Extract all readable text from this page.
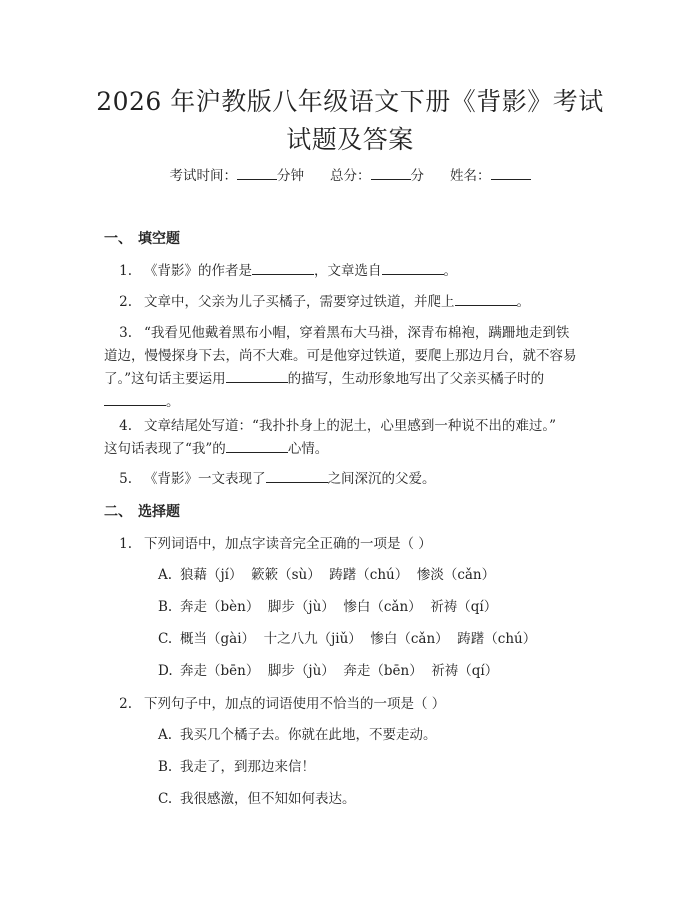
2026 年沪教版八年级语文下册《背影》考试
试题及答案
考试时间：	分钟 总分：	分 姓名：
一、 填空题
1. 《背影》的作者是	，文章选自	。
2. 文章中，父亲为儿子买橘子，需要穿过铁道，并爬上	。
3. “我看见他戴着黑布小帽，穿着黑布大马褂，深青布棉袍，蹒跚地走到铁
道边，慢慢探身下去，尚不大难。可是他穿过铁道，要爬上那边月台，就不容易
了。”这句话主要运用	的描写，生动形象地写出了父亲买橘子时的
。
4. 文章结尾处写道：“我扑扑身上的泥土，心里感到一种说不出的难过。”
这句话表现了“我”的	心情。
5. 《背影》一文表现了	之间深沉的父爱。
二、 选择题
1. 下列词语中，加点字读音完全正确的一项是（ ）
A. 狼藉（jí）  簌簌（sù）  踌躇（chú）  惨淡（cǎn）
B. 奔走（bèn）  脚步（jù）  惨白（cǎn）  祈祷（qí）
C. 概当（gài）  十之八九（jiǔ）  惨白（cǎn）  踌躇（chú）
D. 奔走（bēn）  脚步（jù）  奔走（bēn）  祈祷（qí）
2. 下列句子中，加点的词语使用不恰当的一项是（ ）
A. 我买几个橘子去。你就在此地，不要走动。
B. 我走了，到那边来信！
C. 我很感激，但不知如何表达。
